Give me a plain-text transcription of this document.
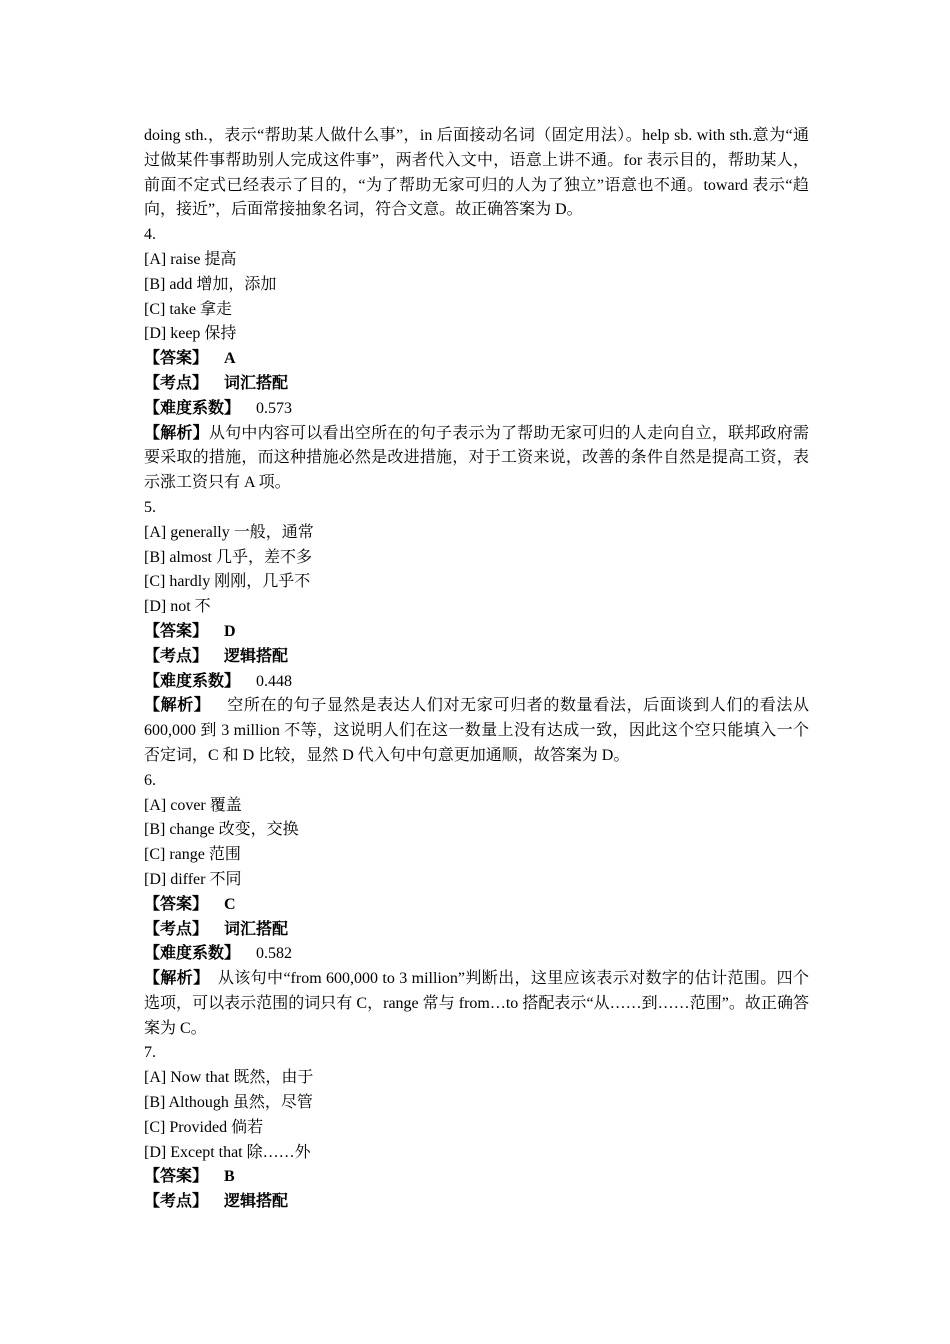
doing sth.，表示“帮助某人做什么事”，in 后面接动名词（固定用法）。help sb. with sth.意为“通过做某件事帮助别人完成这件事”，两者代入文中，语意上讲不通。for 表示目的，帮助某人，前面不定式已经表示了目的，“为了帮助无家可归的人为了独立”语意也不通。toward 表示“趋向，接近”，后面常接抽象名词，符合文意。故正确答案为 D。

4.

[A] raise 提高

[B] add 增加，添加

[C] take 拿走

[D] keep 保持

【答案】 A

【考点】 词汇搭配

【难度系数】 0.573

【解析】从句中内容可以看出空所在的句子表示为了帮助无家可归的人走向自立，联邦政府需要采取的措施，而这种措施必然是改进措施，对于工资来说，改善的条件自然是提高工资，表示涨工资只有 A 项。

5.

[A] generally 一般，通常

[B] almost 几乎，差不多

[C] hardly 刚刚，几乎不

[D] not 不

【答案】 D

【考点】 逻辑搭配

【难度系数】 0.448

【解析】 空所在的句子显然是表达人们对无家可归者的数量看法，后面谈到人们的看法从 600,000 到 3 million 不等，这说明人们在这一数量上没有达成一致，因此这个空只能填入一个否定词，C 和 D 比较，显然 D 代入句中句意更加通顺，故答案为 D。

6.

[A] cover 覆盖

[B] change 改变，交换

[C] range 范围

[D] differ 不同

【答案】 C

【考点】 词汇搭配

【难度系数】 0.582

【解析】 从该句中“from 600,000 to 3 million”判断出，这里应该表示对数字的估计范围。四个选项，可以表示范围的词只有 C，range 常与 from…to 搭配表示“从……到……范围”。故正确答案为 C。

7.

[A] Now that 既然，由于

[B] Although 虽然，尽管

[C] Provided 倘若

[D] Except that 除……外

【答案】 B

【考点】 逻辑搭配
